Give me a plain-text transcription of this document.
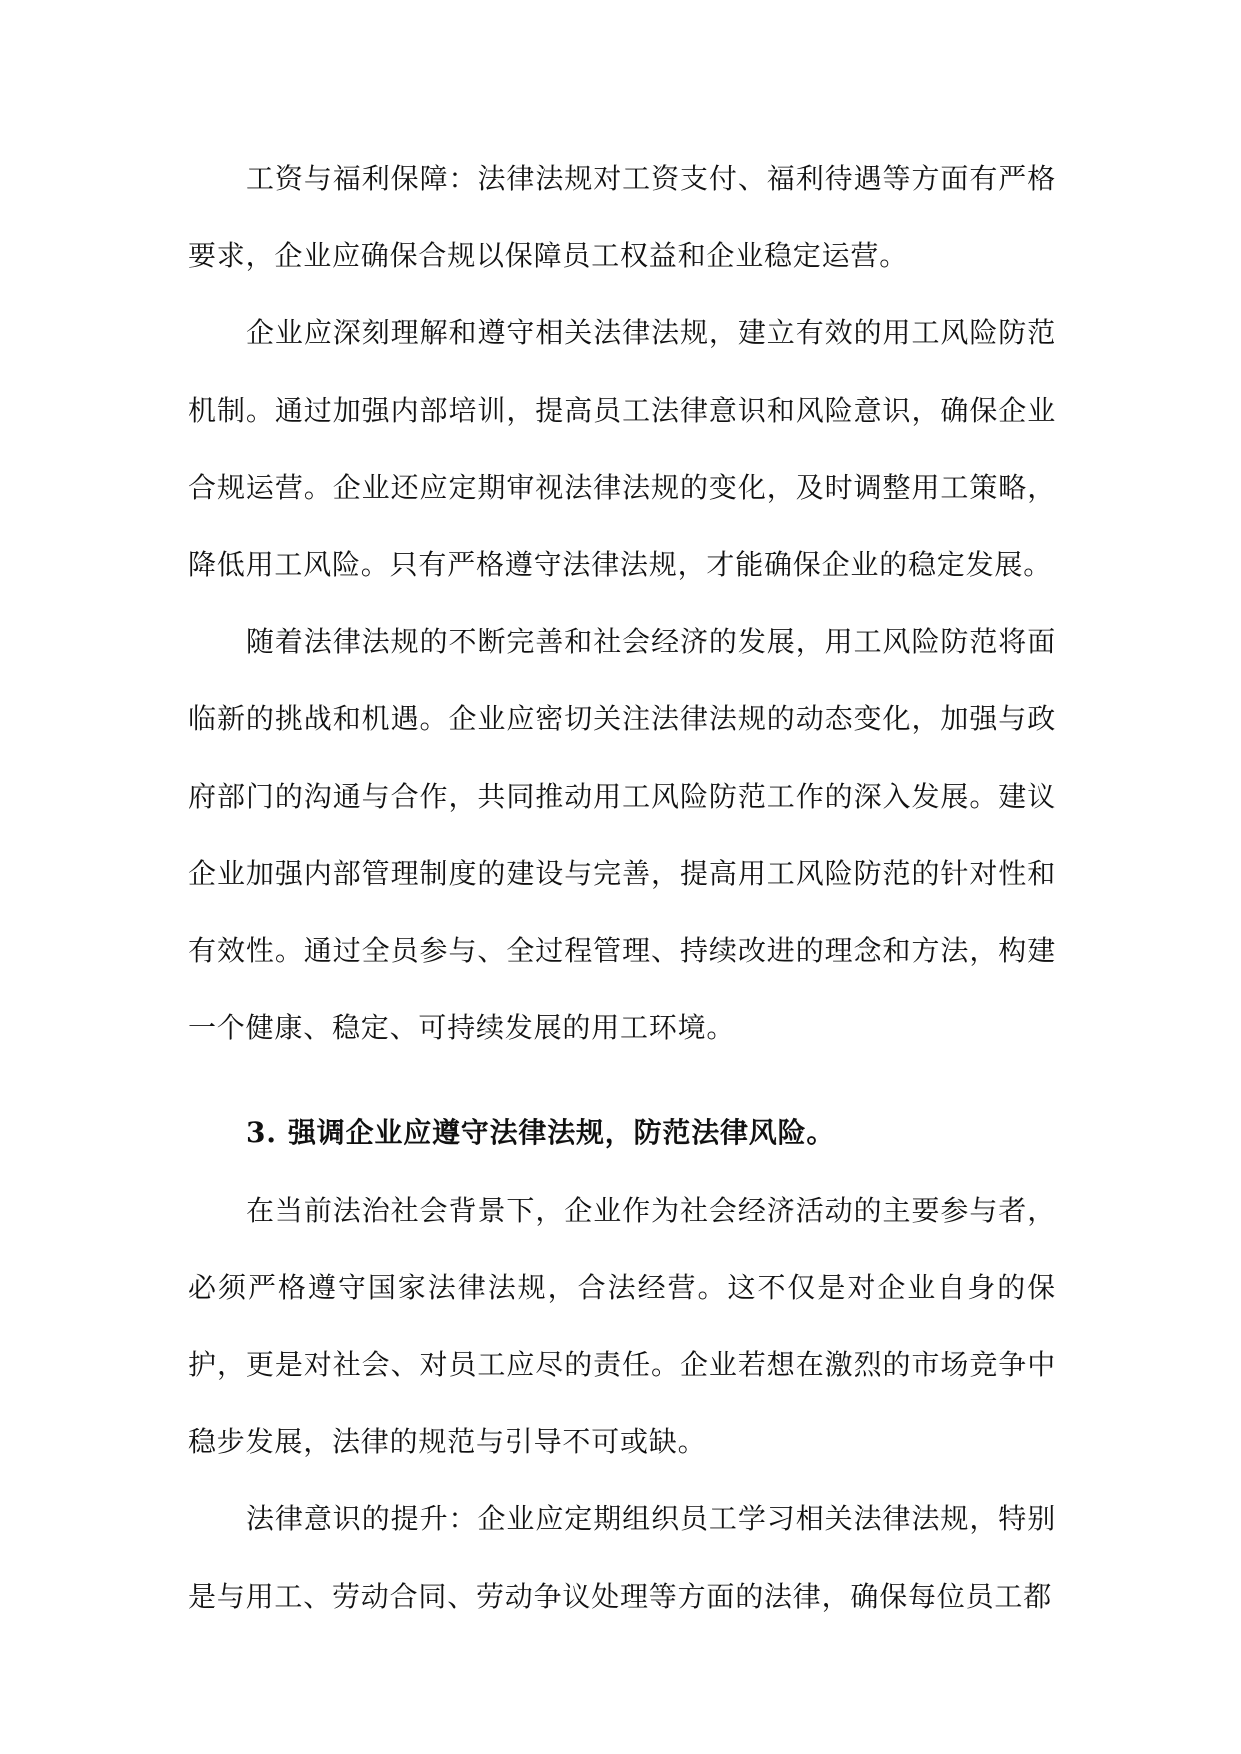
工资与福利保障：法律法规对工资支付、福利待遇等方面有严格要求，企业应确保合规以保障员工权益和企业稳定运营。

企业应深刻理解和遵守相关法律法规，建立有效的用工风险防范机制。通过加强内部培训，提高员工法律意识和风险意识，确保企业合规运营。企业还应定期审视法律法规的变化，及时调整用工策略，降低用工风险。只有严格遵守法律法规，才能确保企业的稳定发展。

随着法律法规的不断完善和社会经济的发展，用工风险防范将面临新的挑战和机遇。企业应密切关注法律法规的动态变化，加强与政府部门的沟通与合作，共同推动用工风险防范工作的深入发展。建议企业加强内部管理制度的建设与完善，提高用工风险防范的针对性和有效性。通过全员参与、全过程管理、持续改进的理念和方法，构建一个健康、稳定、可持续发展的用工环境。

3. 强调企业应遵守法律法规，防范法律风险。

在当前法治社会背景下，企业作为社会经济活动的主要参与者，必须严格遵守国家法律法规，合法经营。这不仅是对企业自身的保护，更是对社会、对员工应尽的责任。企业若想在激烈的市场竞争中稳步发展，法律的规范与引导不可或缺。

法律意识的提升：企业应定期组织员工学习相关法律法规，特别是与用工、劳动合同、劳动争议处理等方面的法律，确保每位员工都
